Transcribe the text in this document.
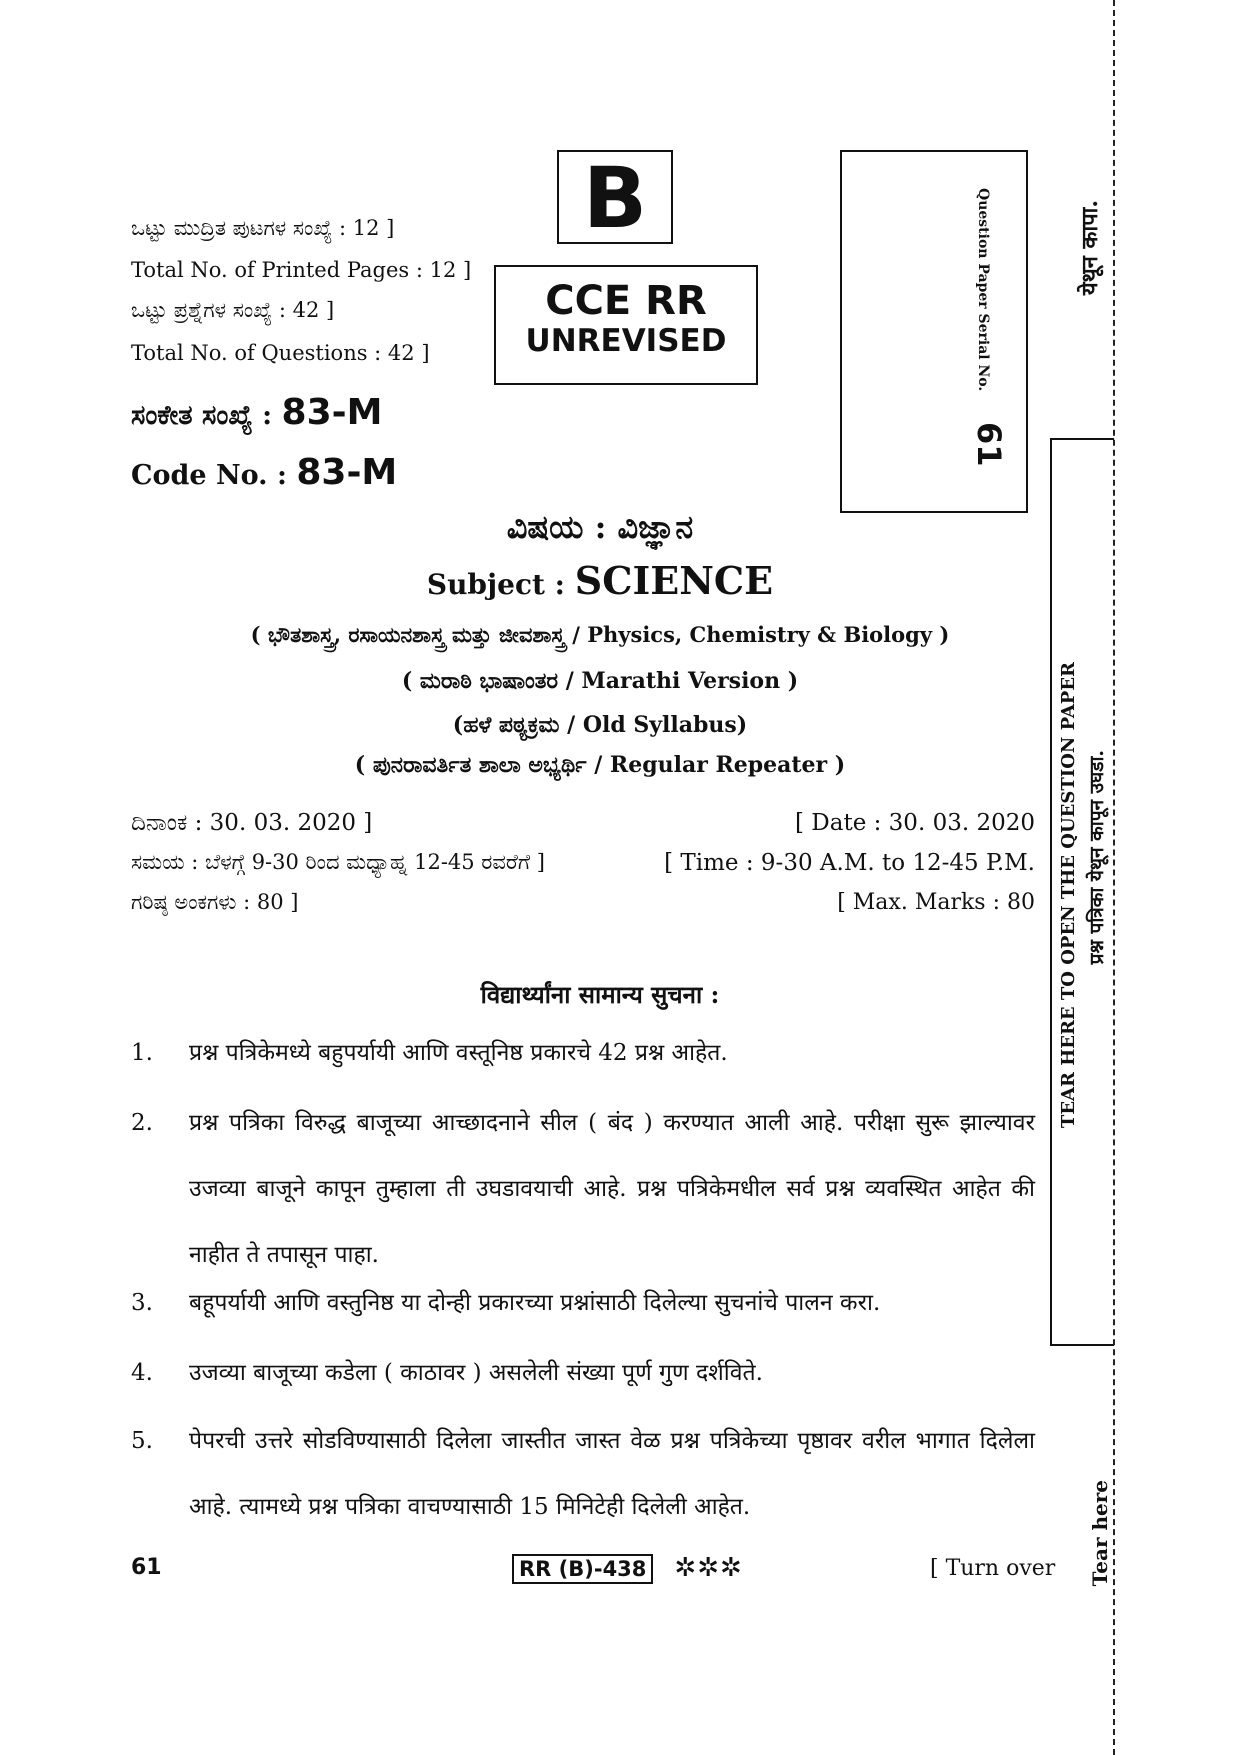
ಒಟ್ಟು ಮುದ್ರಿತ ಪುಟಗಳ ಸಂಖ್ಯೆ : 12 ]
Total No. of Printed Pages : 12 ]
ಒಟ್ಟು ಪ್ರಶ್ನೆಗಳ ಸಂಖ್ಯೆ : 42 ]
Total No. of Questions : 42 ]
ಸಂಕೇತ ಸಂಖ್ಯೆ : 83-M
Code No. : 83-M
B
CCE RR
UNREVISED	Question Paper Serial No.
61
येथून कापा.
TEAR HERE TO OPEN THE QUESTION PAPER प्रश्न पत्रिका येथून कापून उघडा.
Tear here
ವಿಷಯ : ವಿಜ್ಞಾನ
Subject : SCIENCE
( ಭೌತಶಾಸ್ತ್ರ, ರಸಾಯನಶಾಸ್ತ್ರ ಮತ್ತು ಜೀವಶಾಸ್ತ್ರ / Physics, Chemistry & Biology )
( ಮರಾಠಿ ಭಾಷಾಂತರ / Marathi Version )
(ಹಳೆ ಪಠ್ಯಕ್ರಮ / Old Syllabus)
( ಪುನರಾವರ್ತಿತ ಶಾಲಾ ಅಭ್ಯರ್ಥಿ / Regular Repeater )
ದಿನಾಂಕ : 30. 03. 2020 ]	[ Date : 30. 03. 2020
ಸಮಯ : ಬೆಳಗ್ಗೆ 9-30 ರಿಂದ ಮಧ್ಯಾಹ್ನ 12-45 ರವರೆಗೆ ]	[ Time : 9-30 A.M. to 12-45 P.M.
ಗರಿಷ್ಠ ಅಂಕಗಳು : 80 ]	[ Max. Marks : 80
विद्यार्थ्यांना सामान्य सुचना :
1. प्रश्न पत्रिकेमध्ये बहुपर्यायी आणि वस्तूनिष्ठ प्रकारचे 42 प्रश्न आहेत.
2. प्रश्न पत्रिका विरुद्ध बाजूच्या आच्छादनाने सील ( बंद ) करण्यात आली आहे. परीक्षा सुरू झाल्यावर उजव्या बाजूने कापून तुम्हाला ती उघडावयाची आहे. प्रश्न पत्रिकेमधील सर्व प्रश्न व्यवस्थित आहेत की नाहीत ते तपासून पाहा.
3. बहूपर्यायी आणि वस्तुनिष्ठ या दोन्ही प्रकारच्या प्रश्नांसाठी दिलेल्या सुचनांचे पालन करा.
4. उजव्या बाजूच्या कडेला ( काठावर ) असलेली संख्या पूर्ण गुण दर्शविते.
5. पेपरची उत्तरे सोडविण्यासाठी दिलेला जास्तीत जास्त वेळ प्रश्न पत्रिकेच्या पृष्ठावर वरील भागात दिलेला आहे. त्यामध्ये प्रश्न पत्रिका वाचण्यासाठी 15 मिनिटेही दिलेली आहेत.
61	RR (B)-438 ✲✲✲	[ Turn over
